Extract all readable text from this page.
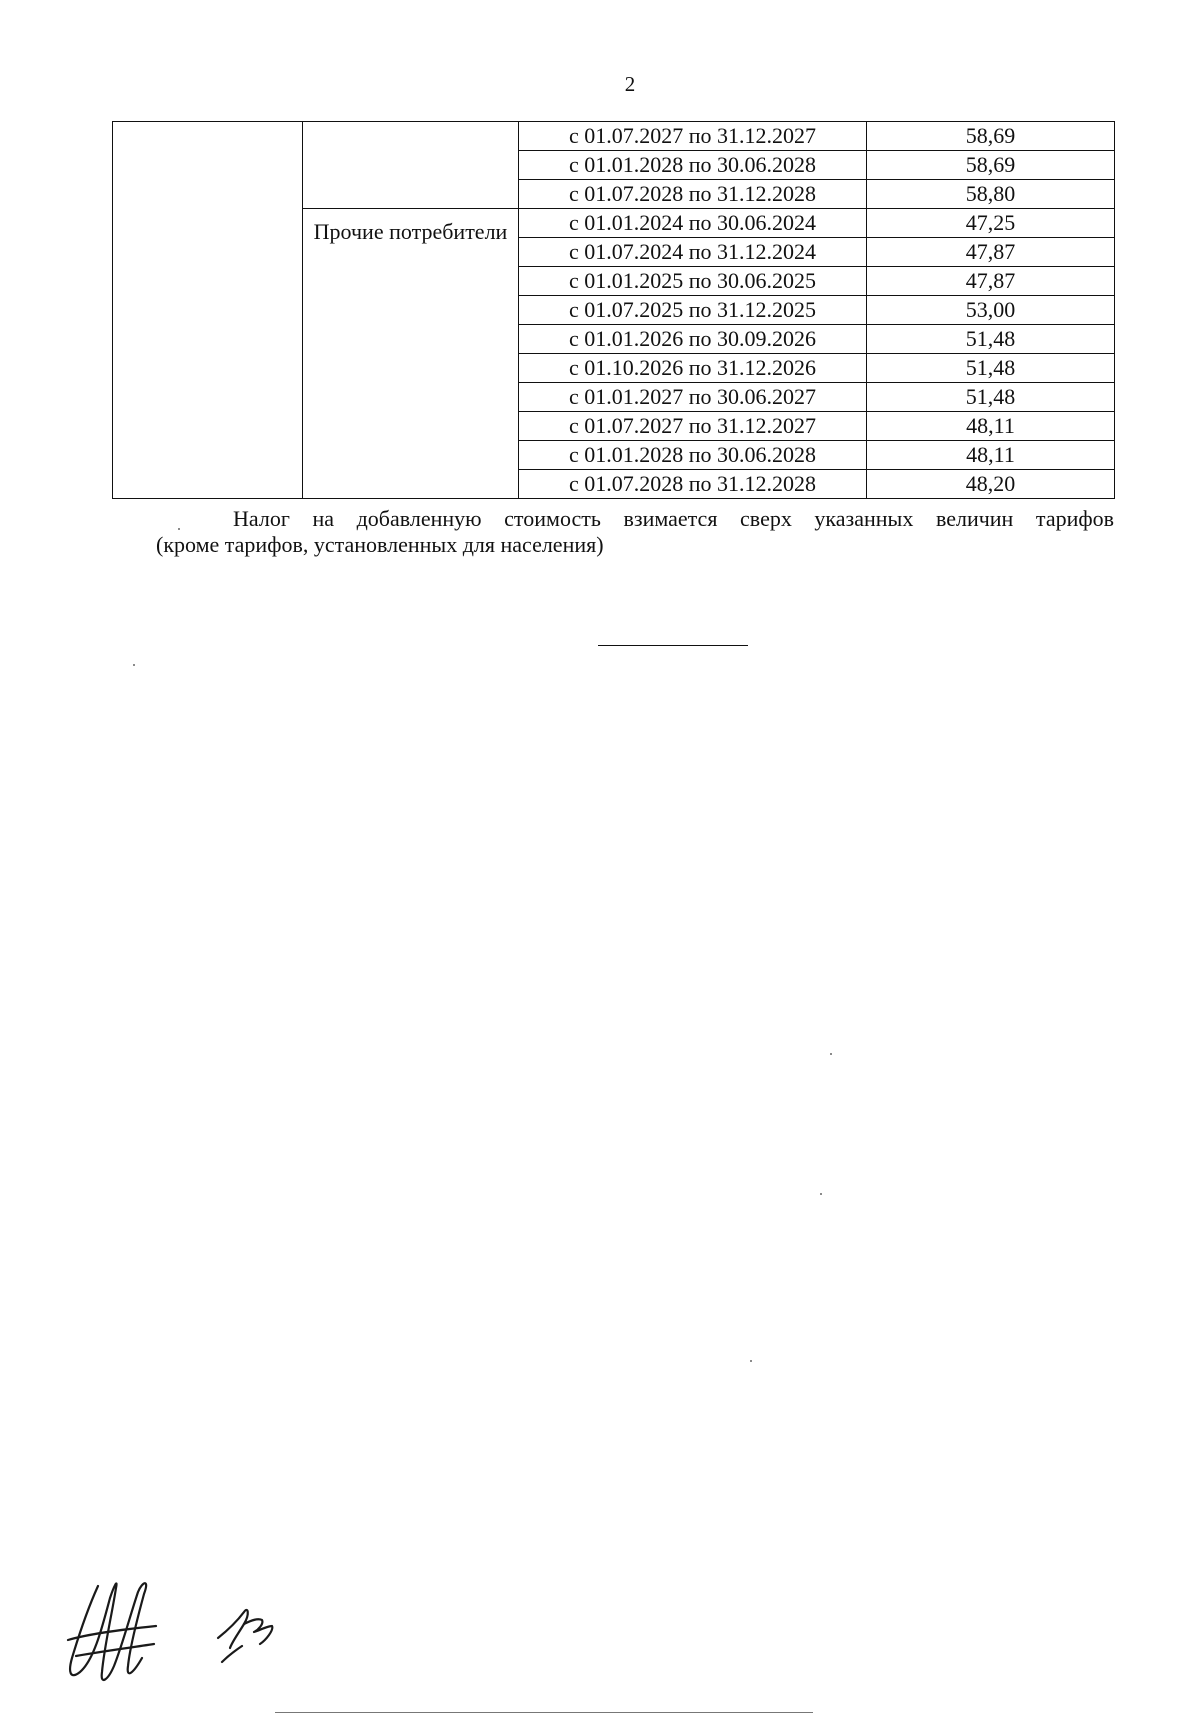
2
		с 01.07.2027 по 31.12.2027	58,69
		с 01.01.2028 по 30.06.2028	58,69
		с 01.07.2028 по 31.12.2028	58,80

	Прочие потребители	с 01.01.2024 по 30.06.2024	47,25
		с 01.07.2024 по 31.12.2024	47,87
		с 01.01.2025 по 30.06.2025	47,87
		с 01.07.2025 по 31.12.2025	53,00
		с 01.01.2026 по 30.09.2026	51,48
		с 01.10.2026 по 31.12.2026	51,48
		с 01.01.2027 по 30.06.2027	51,48
		с 01.07.2027 по 31.12.2027	48,11
		с 01.01.2028 по 30.06.2028	48,11
		с 01.07.2028 по 31.12.2028	48,20
Налог на добавленную стоимость взимается сверх указанных величин тарифов
(кроме тарифов, установленных для населения)
